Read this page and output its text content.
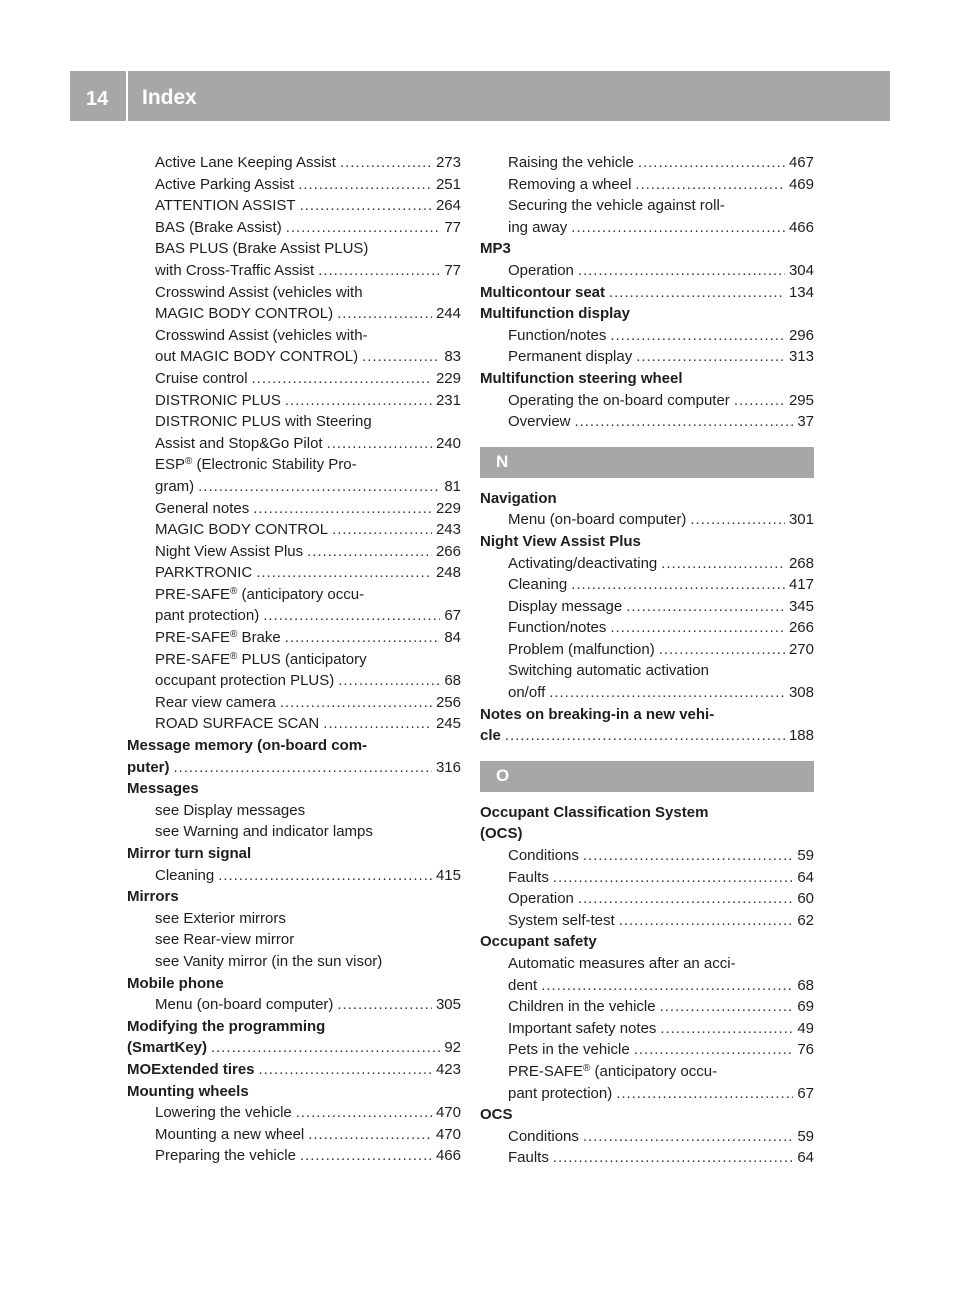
14 Index
Active Lane Keeping Assist . . .	273
Active Parking Assist . . .	251
ATTENTION ASSIST . . .	264
BAS (Brake Assist) . . .	77
BAS PLUS (Brake Assist PLUS)
with Cross-Traffic Assist . . .	77
Crosswind Assist (vehicles with
MAGIC BODY CONTROL) . . .	244
Crosswind Assist (vehicles with-
out MAGIC BODY CONTROL) . . .	83
Cruise control . . .	229
DISTRONIC PLUS . . .	231
DISTRONIC PLUS with Steering
Assist and Stop&Go Pilot . . .	240
ESP® (Electronic Stability Pro-
gram) . . .	81
General notes . . .	229
MAGIC BODY CONTROL . . .	243
Night View Assist Plus . . .	266
PARKTRONIC . . .	248
PRE-SAFE® (anticipatory occu-
pant protection) . . .	67
PRE-SAFE® Brake . . .	84
PRE-SAFE® PLUS (anticipatory
occupant protection PLUS) . . .	68
Rear view camera . . .	256
ROAD SURFACE SCAN . . .	245
Message memory (on-board com-
puter) . . .	316
Messages
see Display messages
see Warning and indicator lamps
Mirror turn signal
Cleaning . . .	415
Mirrors
see Exterior mirrors
see Rear-view mirror
see Vanity mirror (in the sun visor)
Mobile phone
Menu (on-board computer) . . .	305
Modifying the programming
(SmartKey) . . .	92
MOExtended tires . . .	423
Mounting wheels
Lowering the vehicle . . .	470
Mounting a new wheel . . .	470
Preparing the vehicle . . .	466
Raising the vehicle . . .	467
Removing a wheel . . .	469
Securing the vehicle against roll-
ing away . . .	466
MP3
Operation . . .	304
Multicontour seat . . .	134
Multifunction display
Function/notes . . .	296
Permanent display . . .	313
Multifunction steering wheel
Operating the on-board computer . . .	295
Overview . . .	37
N
Navigation
Menu (on-board computer) . . .	301
Night View Assist Plus
Activating/deactivating . . .	268
Cleaning . . .	417
Display message . . .	345
Function/notes . . .	266
Problem (malfunction) . . .	270
Switching automatic activation
on/off . . .	308
Notes on breaking-in a new vehi-
cle . . .	188
O
Occupant Classification System
(OCS)
Conditions . . .	59
Faults . . .	64
Operation . . .	60
System self-test . . .	62
Occupant safety
Automatic measures after an acci-
dent . . .	68
Children in the vehicle . . .	69
Important safety notes . . .	49
Pets in the vehicle . . .	76
PRE-SAFE® (anticipatory occu-
pant protection) . . .	67
OCS
Conditions . . .	59
Faults . . .	64
